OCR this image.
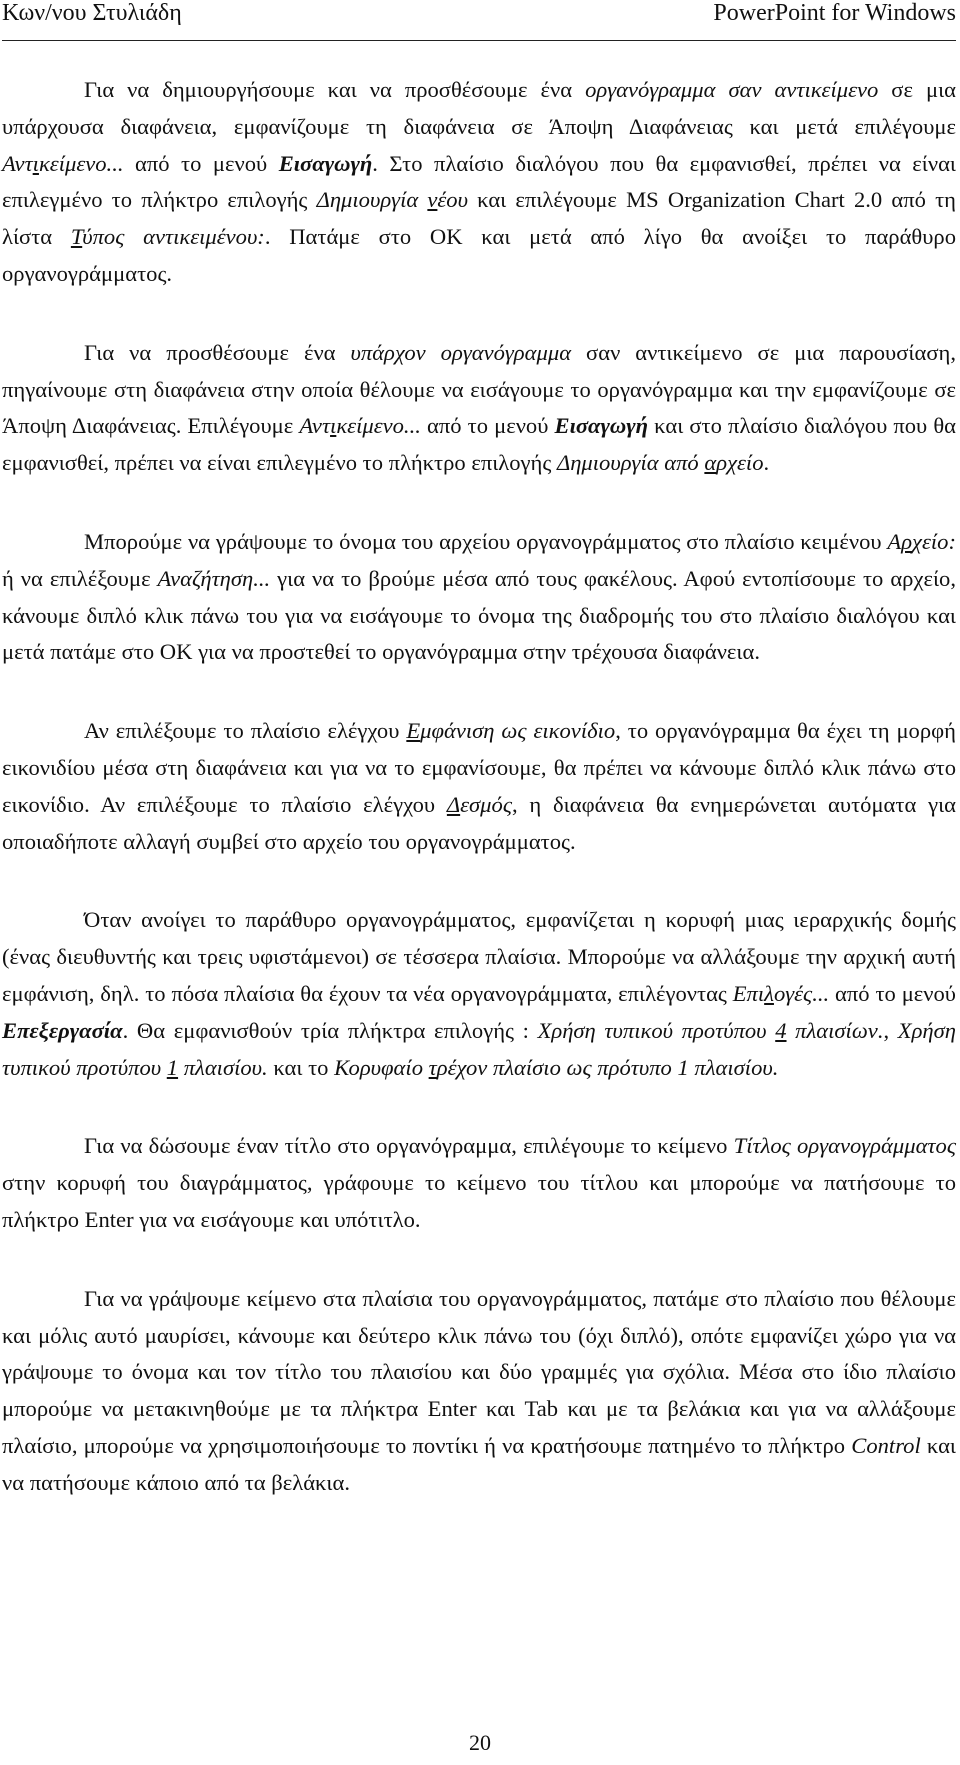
Κων/νου Στυλιάδη	PowerPoint for Windows

Για να δημιουργήσουμε και να προσθέσουμε ένα οργανόγραμμα σαν αντικείμενο σε μια υπάρχουσα διαφάνεια, εμφανίζουμε τη διαφάνεια σε Άποψη Διαφάνειας και μετά επιλέγουμε Αντικείμενο... από το μενού Εισαγωγή. Στο πλαίσιο διαλόγου που θα εμφανισθεί, πρέπει να είναι επιλεγμένο το πλήκτρο επιλογής Δημιουργία νέου και επιλέγουμε MS Organization Chart 2.0 από τη λίστα Τύπος αντικειμένου:. Πατάμε στο OK και μετά από λίγο θα ανοίξει το παράθυρο οργανογράμματος.

Για να προσθέσουμε ένα υπάρχον οργανόγραμμα σαν αντικείμενο σε μια παρουσίαση, πηγαίνουμε στη διαφάνεια στην οποία θέλουμε να εισάγουμε το οργανόγραμμα και την εμφανίζουμε σε Άποψη Διαφάνειας. Επιλέγουμε Αντικείμενο... από το μενού Εισαγωγή και στο πλαίσιο διαλόγου που θα εμφανισθεί, πρέπει να είναι επιλεγμένο το πλήκτρο επιλογής Δημιουργία από αρχείο.

Μπορούμε να γράψουμε το όνομα του αρχείου οργανογράμματος στο πλαίσιο κειμένου Αρχείο: ή να επιλέξουμε Αναζήτηση... για να το βρούμε μέσα από τους φακέλους. Αφού εντοπίσουμε το αρχείο, κάνουμε διπλό κλικ πάνω του για να εισάγουμε το όνομα της διαδρομής του στο πλαίσιο διαλόγου και μετά πατάμε στο OK για να προστεθεί το οργανόγραμμα στην τρέχουσα διαφάνεια.

Αν επιλέξουμε το πλαίσιο ελέγχου Εμφάνιση ως εικονίδιο, το οργανόγραμμα θα έχει τη μορφή εικονιδίου μέσα στη διαφάνεια και για να το εμφανίσουμε, θα πρέπει να κάνουμε διπλό κλικ πάνω στο εικονίδιο. Αν επιλέξουμε το πλαίσιο ελέγχου Δεσμός, η διαφάνεια θα ενημερώνεται αυτόματα για οποιαδήποτε αλλαγή συμβεί στο αρχείο του οργανογράμματος.

Όταν ανοίγει το παράθυρο οργανογράμματος, εμφανίζεται η κορυφή μιας ιεραρχικής δομής (ένας διευθυντής και τρεις υφιστάμενοι) σε τέσσερα πλαίσια. Μπορούμε να αλλάξουμε την αρχική αυτή εμφάνιση, δηλ. το πόσα πλαίσια θα έχουν τα νέα οργανογράμματα, επιλέγοντας Επιλογές... από το μενού Επεξεργασία. Θα εμφανισθούν τρία πλήκτρα επιλογής : Χρήση τυπικού προτύπου 4 πλαισίων., Χρήση τυπικού προτύπου 1 πλαισίου. και το Κορυφαίο τρέχον πλαίσιο ως πρότυπο 1 πλαισίου.

Για να δώσουμε έναν τίτλο στο οργανόγραμμα, επιλέγουμε το κείμενο Τίτλος οργανογράμματος στην κορυφή του διαγράμματος, γράφουμε το κείμενο του τίτλου και μπορούμε να πατήσουμε το πλήκτρο Enter για να εισάγουμε και υπότιτλο.

Για να γράψουμε κείμενο στα πλαίσια του οργανογράμματος, πατάμε στο πλαίσιο που θέλουμε και μόλις αυτό μαυρίσει, κάνουμε και δεύτερο κλικ πάνω του (όχι διπλό), οπότε εμφανίζει χώρο για να γράψουμε το όνομα και τον τίτλο του πλαισίου και δύο γραμμές για σχόλια. Μέσα στο ίδιο πλαίσιο μπορούμε να μετακινηθούμε με τα πλήκτρα Enter και Tab και με τα βελάκια και για να αλλάξουμε πλαίσιο, μπορούμε να χρησιμοποιήσουμε το ποντίκι ή να κρατήσουμε πατημένο το πλήκτρο Control και να πατήσουμε κάποιο από τα βελάκια.

20
